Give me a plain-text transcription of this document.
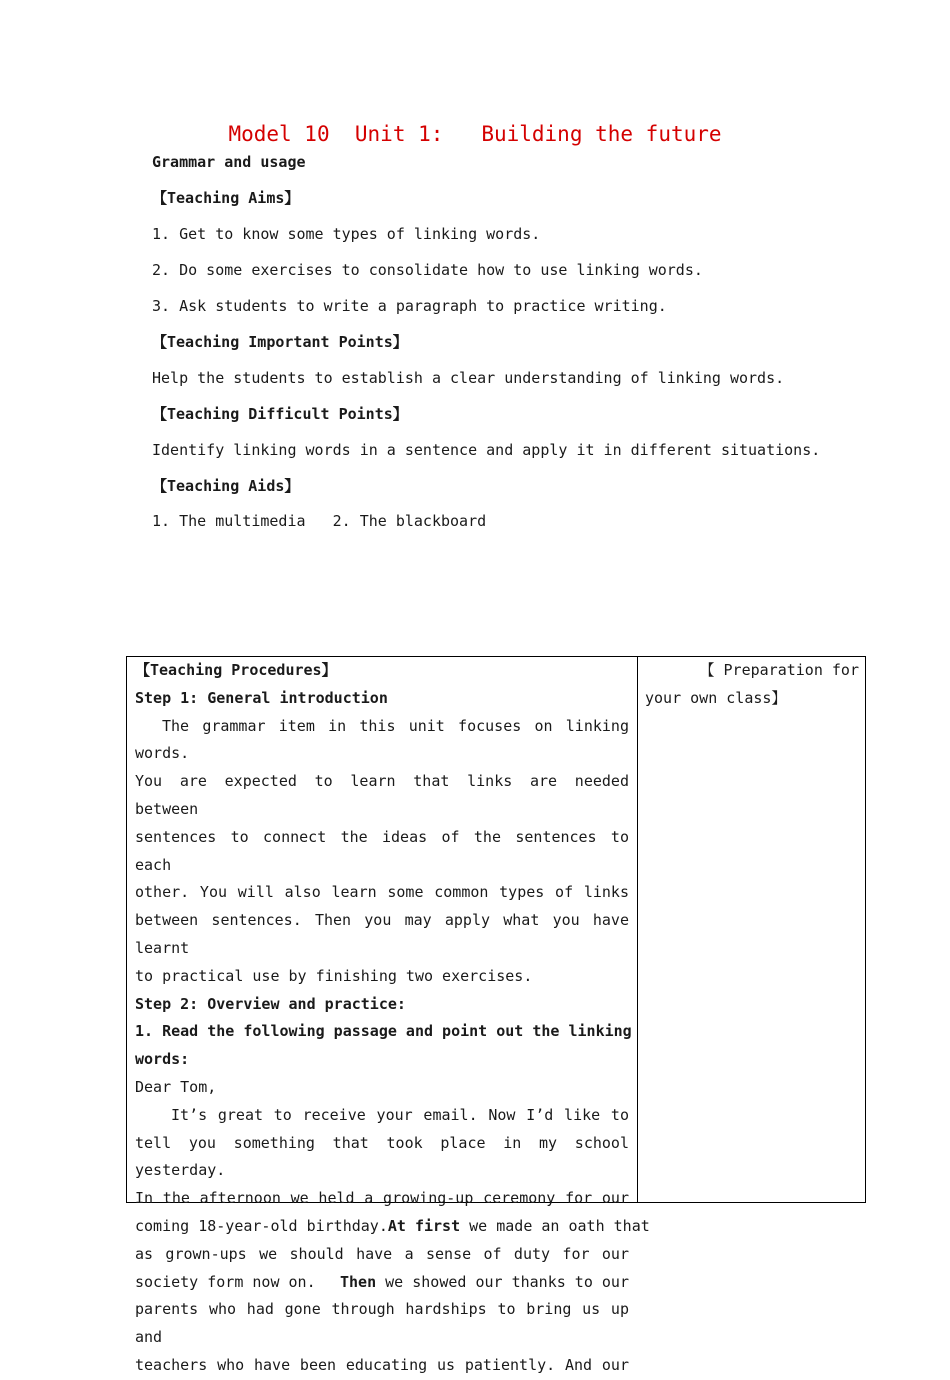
Model 10  Unit 1:   Building the future
Grammar and usage
【Teaching Aims】
1. Get to know some types of linking words.
2. Do some exercises to consolidate how to use linking words.
3. Ask students to write a paragraph to practice writing.
【Teaching Important Points】
Help the students to establish a clear understanding of linking words.
【Teaching Difficult Points】
Identify linking words in a sentence and apply it in different situations.
【Teaching Aids】
1. The multimedia   2. The blackboard
【Teaching Procedures】
Step 1: General introduction
The grammar item in this unit focuses on linking words.
You are expected to learn that links are needed between
sentences to connect the ideas of the sentences to each
other. You will also learn some common types of links
between sentences. Then you may apply what you have learnt
to practical use by finishing two exercises.
Step 2: Overview and practice:
1. Read the following passage and point out the linking
words:
Dear Tom,
It’s great to receive your email. Now I’d like to
tell you something that took place in my school yesterday.
In the afternoon we held a growing-up ceremony for our
coming 18-year-old birthday. At first we made an oath that
as grown-ups we should have a sense of duty for our
society form now on. Then we showed our thanks to our
parents who had gone through hardships to bring us up and
teachers who have been educating us patiently. And our
【 Preparation for
your own class】
